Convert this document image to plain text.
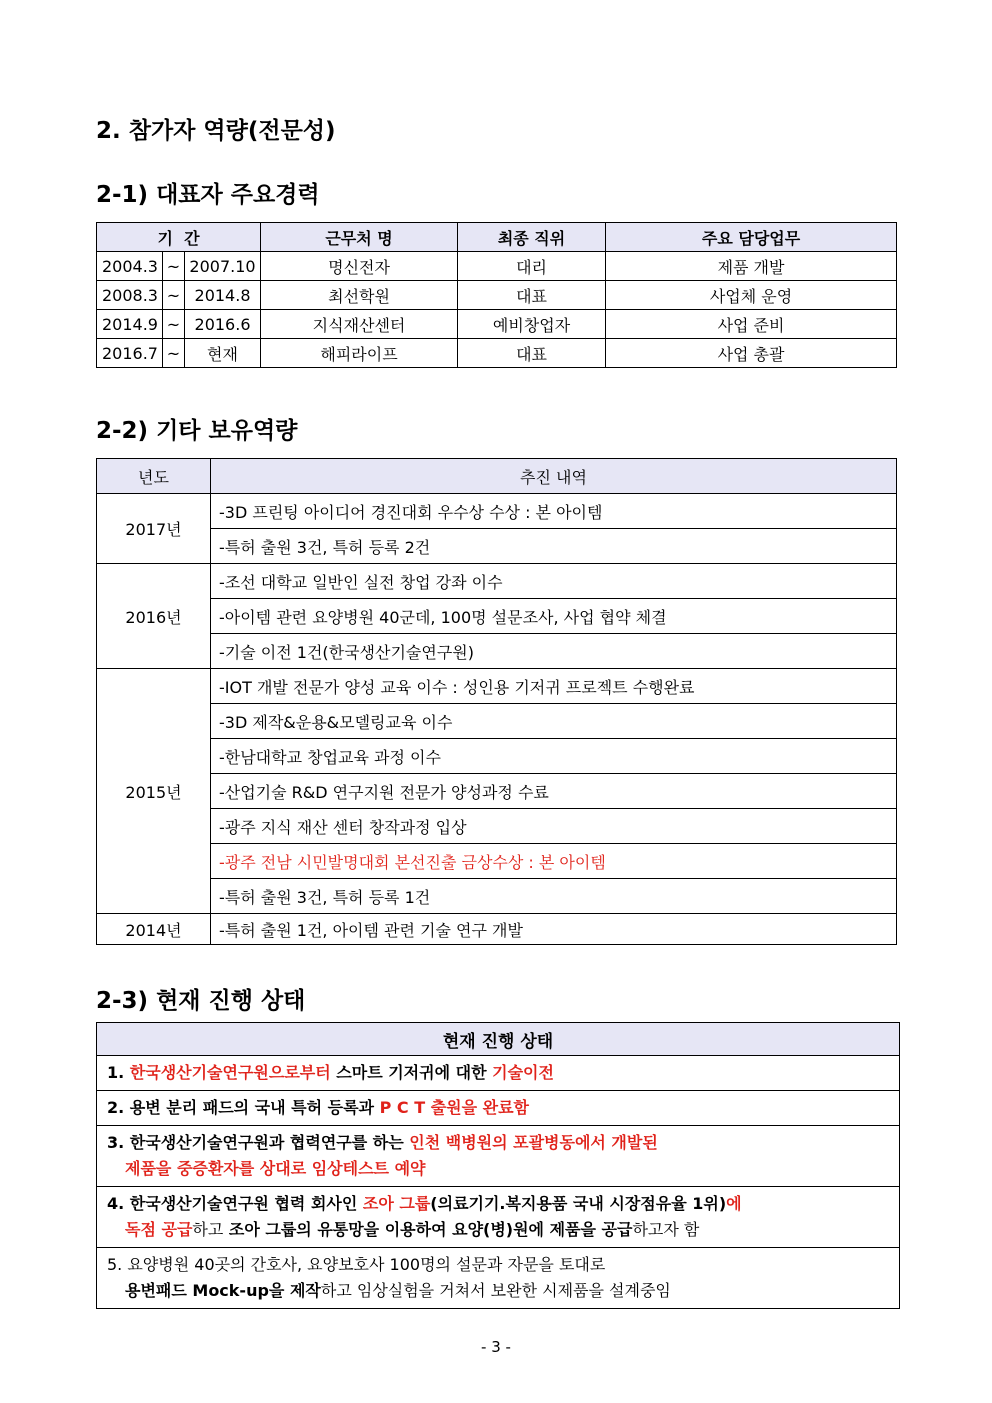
2. 참가자 역량(전문성)
2-1) 대표자 주요경력
기  간			근무처 명	최종 직위	주요 담당업무
2004.3	~	2007.10	명신전자	대리	제품 개발
2008.3	~	2014.8	최선학원	대표	사업체 운영
2014.9	~	2016.6	지식재산센터	예비창업자	사업 준비
2016.7	~	현재	해피라이프	대표	사업 총괄
2-2) 기타 보유역량
년도	추진 내역
2017년	-3D 프린팅 아이디어 경진대회 우수상 수상 : 본 아이템
	-특허 출원 3건, 특허 등록 2건
2016년	-조선 대학교 일반인 실전 창업 강좌 이수
	-아이템 관련 요양병원 40군데, 100명 설문조사, 사업 협약 체결
	-기술 이전 1건(한국생산기술연구원)
2015년	-IOT 개발 전문가 양성 교육 이수 : 성인용 기저귀 프로젝트 수행완료
	-3D 제작&운용&모델링교육 이수
	-한남대학교 창업교육 과정 이수
	-산업기술 R&D 연구지원 전문가 양성과정 수료
	-광주 지식 재산 센터 창작과정 입상
	-광주 전남 시민발명대회 본선진출 금상수상 : 본 아이템
	-특허 출원 3건, 특허 등록 1건
2014년	-특허 출원 1건, 아이템 관련 기술 연구 개발
2-3) 현재 진행 상태
현재 진행 상태
1. 한국생산기술연구원으로부터 스마트 기저귀에 대한 기술이전
2. 용변 분리 패드의 국내 특허 등록과 P C T 출원을 완료함
3. 한국생산기술연구원과 협력연구를 하는 인천 백병원의 포괄병동에서 개발된

제품을 중증환자를 상대로 임상테스트 예약

4. 한국생산기술연구원 협력 회사인 조아 그룹(의료기기.복지용품 국내 시장점유율 1위)에

독점 공급하고 조아 그룹의 유통망을 이용하여 요양(병)원에 제품을 공급하고자 함

5. 요양병원 40곳의 간호사, 요양보호사 100명의 설문과 자문을 토대로

용변패드 Mock-up을 제작하고 임상실험을 거쳐서 보완한 시제품을 설계중임
- 3 -
